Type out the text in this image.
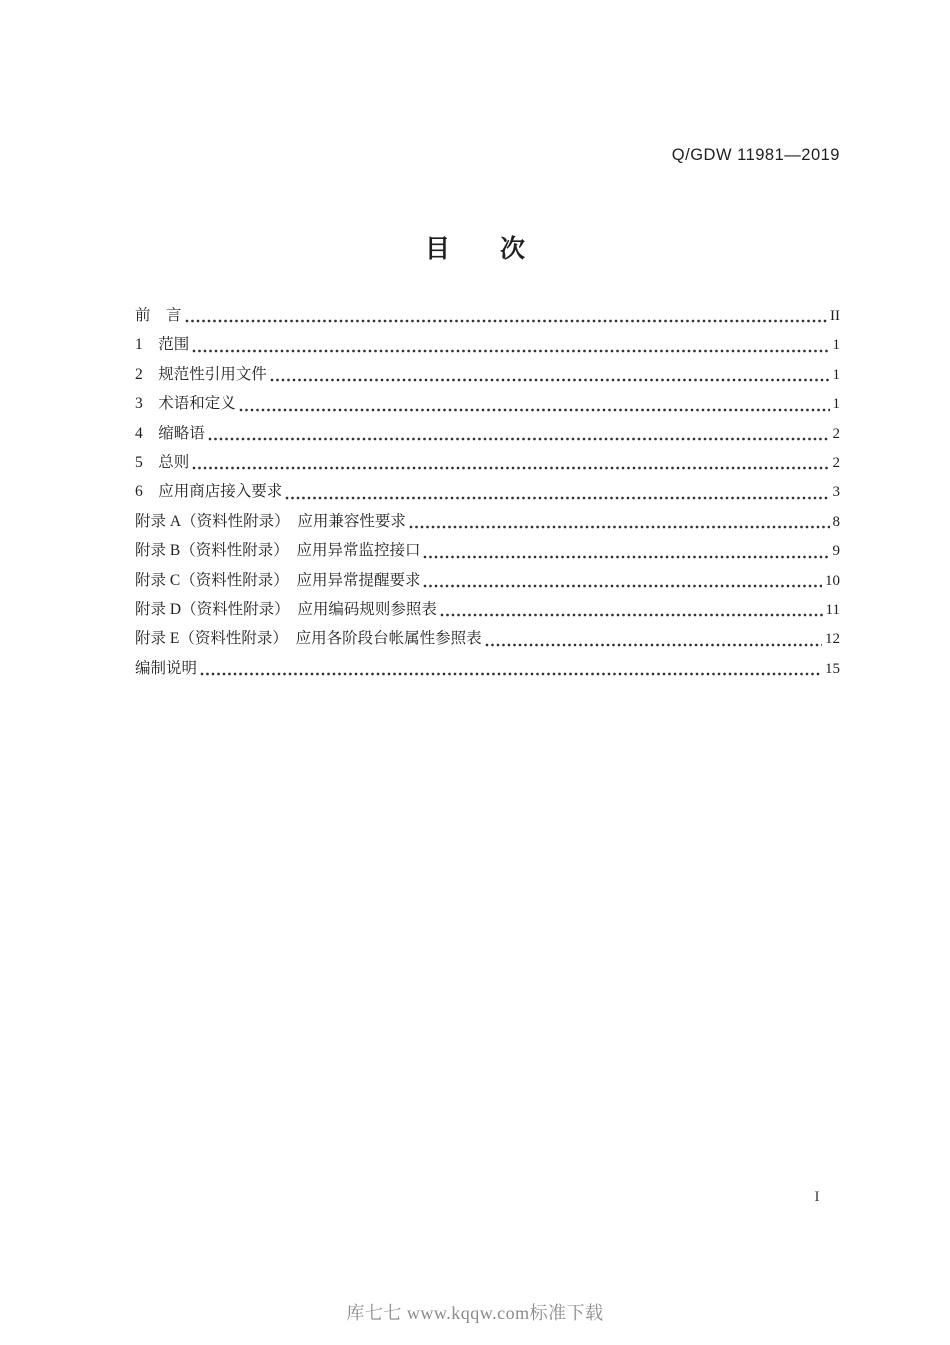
Q/GDW 11981—2019
目　　次
前　言	II
1　范围	1
2　规范性引用文件	1
3　术语和定义	1
4　缩略语	2
5　总则	2
6　应用商店接入要求	3
附录 A（资料性附录）　应用兼容性要求	8
附录 B（资料性附录）　应用异常监控接口	9
附录 C（资料性附录）　应用异常提醒要求	10
附录 D（资料性附录）　应用编码规则参照表	11
附录 E（资料性附录）　应用各阶段台帐属性参照表	12
编制说明	15
I
库七七 www.kqqw.com标准下载
